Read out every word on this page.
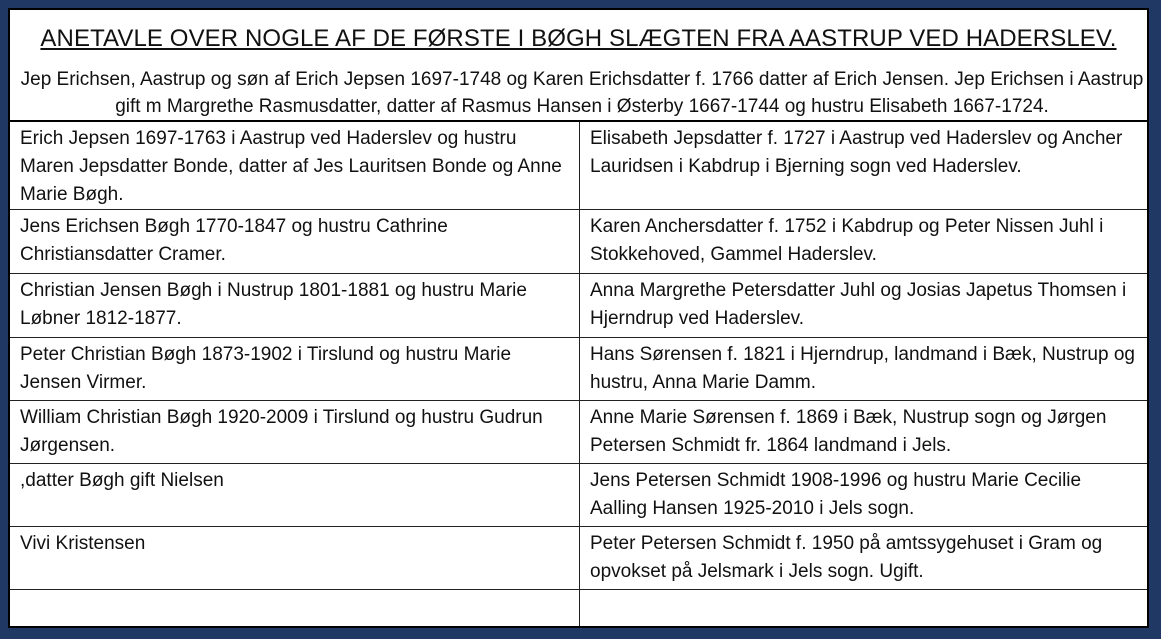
ANETAVLE OVER NOGLE AF DE FØRSTE I BØGH SLÆGTEN FRA AASTRUP VED HADERSLEV.
Jep Erichsen, Aastrup og søn af Erich Jepsen 1697-1748 og Karen Erichsdatter f. 1766 datter af Erich Jensen. Jep Erichsen i Aastrup gift m Margrethe Rasmusdatter, datter af Rasmus Hansen i Østerby 1667-1744 og hustru Elisabeth 1667-1724.
Erich Jepsen 1697-1763 i Aastrup ved Haderslev og hustru Maren Jepsdatter Bonde, datter af Jes Lauritsen Bonde og Anne Marie Bøgh.
Elisabeth Jepsdatter f. 1727 i Aastrup ved Haderslev og Ancher Lauridsen i Kabdrup i Bjerning sogn ved Haderslev.
Jens Erichsen Bøgh 1770-1847 og hustru Cathrine Christiansdatter Cramer.
Karen Anchersdatter f. 1752 i Kabdrup og Peter Nissen Juhl i Stokkehoved, Gammel Haderslev.
Christian Jensen Bøgh i Nustrup 1801-1881 og hustru Marie Løbner 1812-1877.
Anna Margrethe Petersdatter Juhl og Josias Japetus Thomsen i Hjerndrup ved Haderslev.
Peter Christian Bøgh 1873-1902 i Tirslund og hustru Marie Jensen Virmer.
Hans Sørensen f. 1821 i Hjerndrup, landmand i Bæk, Nustrup og hustru, Anna Marie Damm.
William Christian Bøgh 1920-2009 i Tirslund og hustru Gudrun Jørgensen.
Anne Marie Sørensen f. 1869 i Bæk, Nustrup sogn og Jørgen Petersen Schmidt fr. 1864 landmand i Jels.
,datter Bøgh gift Nielsen	Jens Petersen Schmidt 1908-1996 og hustru Marie Cecilie Aalling Hansen 1925-2010 i Jels sogn.
Vivi Kristensen	Peter Petersen Schmidt f. 1950 på amtssygehuset i Gram og opvokset på Jelsmark i Jels sogn. Ugift.
